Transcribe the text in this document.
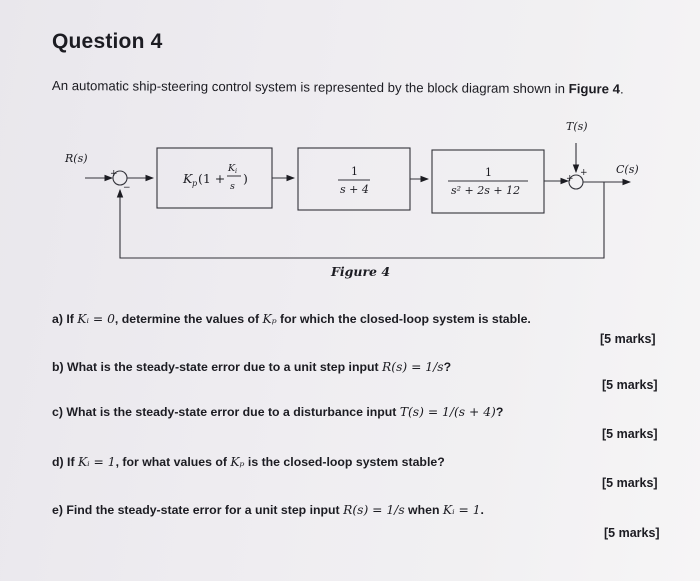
Question 4
An automatic ship-steering control system is represented by the block diagram shown in Figure 4.
R(s)
C(s)
T(s)
+
−
+
+
K p (1 +
K i
s
)	1
s + 4
1
s² + 2s + 12
Figure 4
a) If Kᵢ = 0, determine the values of Kₚ for which the closed-loop system is stable.
[5 marks]
b) What is the steady-state error due to a unit step input R(s) = 1/s?
[5 marks]
c) What is the steady-state error due to a disturbance input T(s) = 1/(s + 4)?
[5 marks]
d) If Kᵢ = 1, for what values of Kₚ is the closed-loop system stable?
[5 marks]
e) Find the steady-state error for a unit step input R(s) = 1/s when Kᵢ = 1.
[5 marks]
